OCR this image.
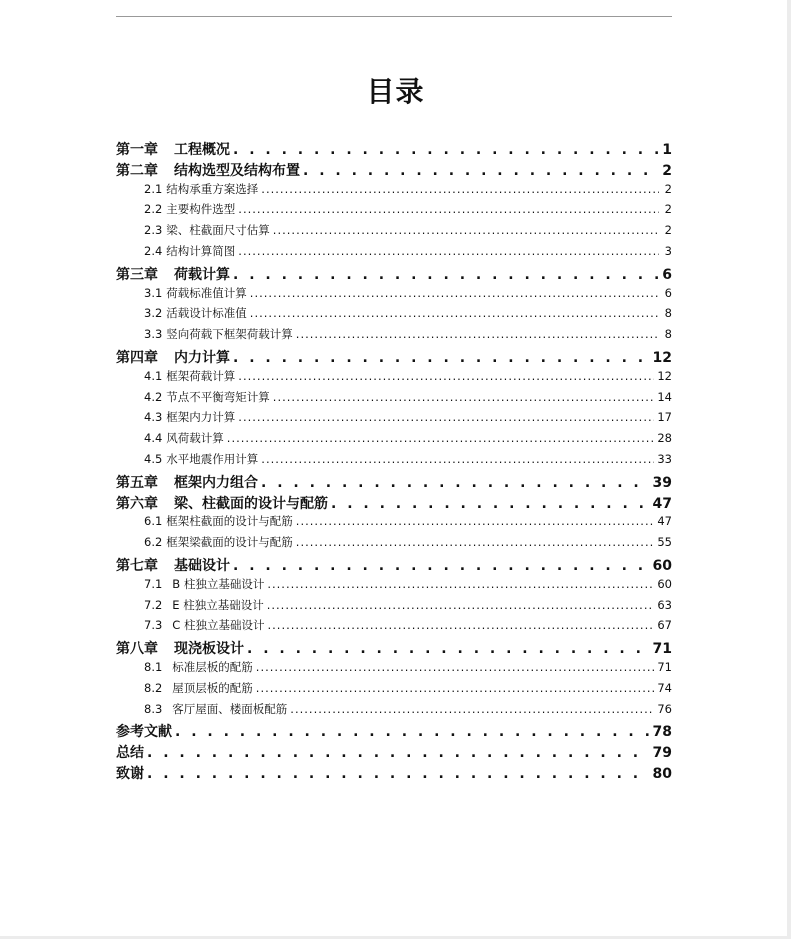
目录
第一章 工程概况 . . .	1
第二章 结构选型及结构布置 . . .	2
2.1 结构承重方案选择 .....	2
2.2 主要构件选型 .....	2
2.3 梁、柱截面尺寸估算 .....	2
2.4 结构计算简图 .....	3
第三章 荷载计算 . . .	6
3.1 荷载标准值计算 .....	6
3.2 活载设计标准值 .....	8
3.3 竖向荷载下框架荷载计算 .....	8
第四章 内力计算 . . .	12
4.1 框架荷载计算 .....	12
4.2 节点不平衡弯矩计算 .....	14
4.3 框架内力计算 .....	17
4.4 风荷载计算 .....	28
4.5 水平地震作用计算 .....	33
第五章 框架内力组合 . . .	39
第六章 梁、柱截面的设计与配筋 . . .	47
6.1 框架柱截面的设计与配筋 .....	47
6.2 框架梁截面的设计与配筋 .....	55
第七章 基础设计 . . .	60
7.1 B 柱独立基础设计 .....	60
7.2 E 柱独立基础设计 .....	63
7.3 C 柱独立基础设计 .....	67
第八章 现浇板设计 . . .	71
8.1 标准层板的配筋 .....	71
8.2 屋顶层板的配筋 .....	74
8.3 客厅屋面、楼面板配筋 .....	76
参考文献 . . .	78
总结 . . .	79
致谢 . . .	80
